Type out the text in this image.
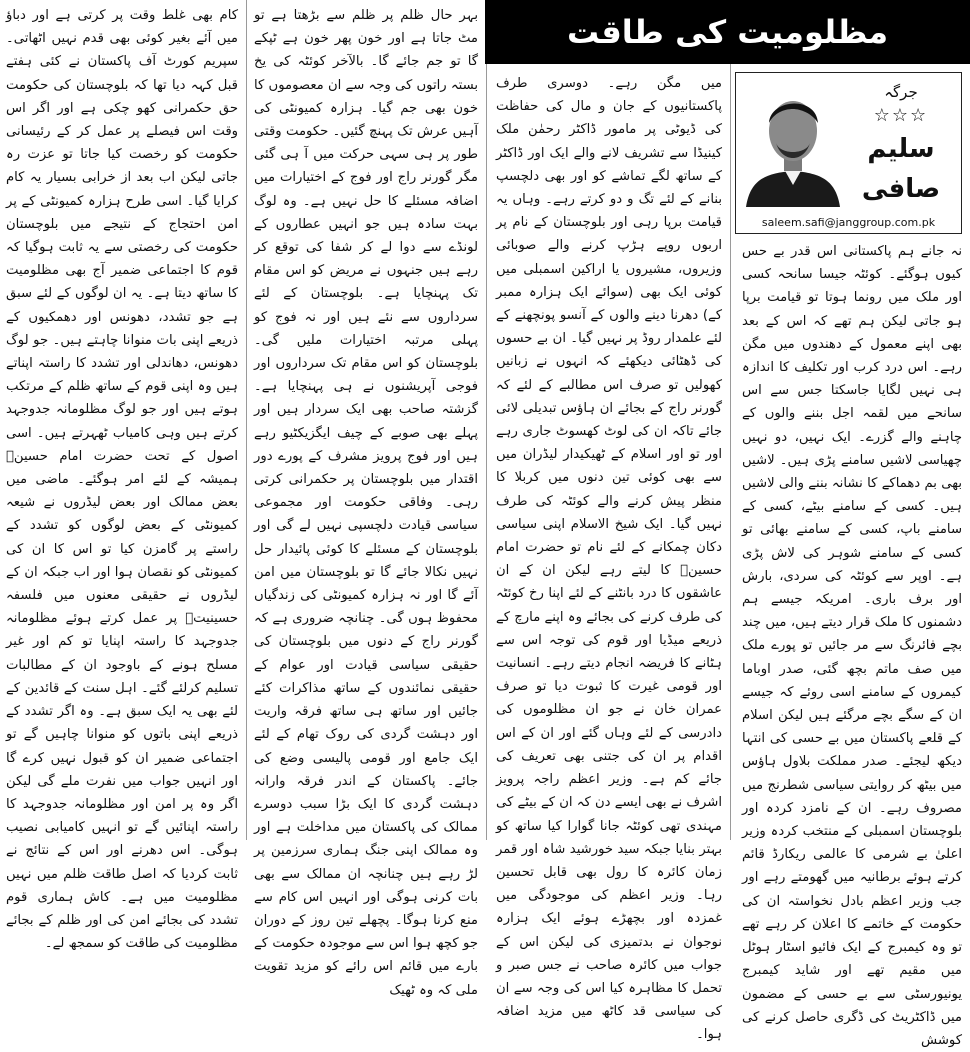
مظلومیت کی طاقت
جرگہ
☆☆☆
سلیم صافی
saleem.safi@janggroup.com.pk

نہ جانے ہم پاکستانی اس قدر بے حس کیوں ہوگئے۔ کوئٹہ جیسا سانحہ کسی اور ملک میں رونما ہوتا تو قیامت برپا ہو جاتی لیکن ہم تھے کہ اس کے بعد بھی اپنے معمول کے دھندوں میں مگن رہے۔ اس درد کرب اور تکلیف کا اندازہ ہی نہیں لگایا جاسکتا جس سے اس سانحے میں لقمہ اجل بننے والوں کے چاہنے والے گزرے۔ ایک نہیں، دو نہیں چھیاسی لاشیں سامنے پڑی ہیں۔ لاشیں بھی بم دھماکے کا نشانہ بننے والی لاشیں ہیں۔ کسی کے سامنے بیٹے، کسی کے سامنے باپ، کسی کے سامنے بھائی تو کسی کے سامنے شوہر کی لاش پڑی ہے۔ اوپر سے کوئٹہ کی سردی، بارش اور برف باری۔ امریکہ جیسے ہم دشمنوں کا ملک قرار دیتے ہیں، میں چند بچے فائرنگ سے مر جائیں تو پورے ملک میں صف ماتم بچھ گئی، صدر اوباما کیمروں کے سامنے اسی روئے کہ جیسے ان کے سگے بچے مرگئے ہیں لیکن اسلام کے قلعے پاکستان میں بے حسی کی انتہا دیکھ لیجئے۔ صدر مملکت بلاول ہاؤس میں بیٹھ کر روایتی سیاسی شطرنج میں مصروف رہے۔ ان کے نامزد کردہ اور بلوچستان اسمبلی کے منتخب کردہ وزیر اعلیٰ بے شرمی کا عالمی ریکارڈ قائم کرتے ہوئے برطانیہ میں گھومتے رہے اور جب وزیر اعظم بادل نخواستہ ان کی حکومت کے خاتمے کا اعلان کر رہے تھے تو وہ کیمبرج کے ایک فائیو اسٹار ہوٹل میں مقیم تھے اور شاید کیمبرج یونیورسٹی سے بے حسی کے مضمون میں ڈاکٹریٹ کی ڈگری حاصل کرنے کی کوشش

میں مگن رہے۔ دوسری طرف پاکستانیوں کے جان و مال کی حفاظت کی ڈیوٹی پر مامور ڈاکٹر رحمٰن ملک کینیڈا سے تشریف لانے والے ایک اور ڈاکٹر کے ساتھ لگے تماشے کو اور بھی دلچسپ بنانے کے لئے تگ و دو کرتے رہے۔ وہاں یہ قیامت برپا رہی اور بلوچستان کے نام پر اربوں روپے ہڑپ کرنے والے صوبائی وزیروں، مشیروں یا اراکین اسمبلی میں کوئی ایک بھی (سوائے ایک ہزارہ ممبر کے) دھرنا دینے والوں کے آنسو پونچھنے کے لئے علمدار روڈ پر نہیں گیا۔ ان بے حسوں کی ڈھٹائی دیکھئے کہ انہوں نے زبانیں کھولیں تو صرف اس مطالبے کے لئے کہ گورنر راج کے بجائے ان ہاؤس تبدیلی لائی جائے تاکہ ان کی لوٹ کھسوٹ جاری رہے اور تو اور اسلام کے ٹھیکیدار لیڈران میں سے بھی کوئی تین دنوں میں کربلا کا منظر پیش کرنے والے کوئٹہ کی طرف نہیں گیا۔ ایک شیخ الاسلام اپنی سیاسی دکان چمکانے کے لئے نام تو حضرت امام حسینؓ کا لیتے رہے لیکن ان کے ان عاشقوں کا درد بانٹنے کے لئے اپنا رخ کوئٹہ کی طرف کرنے کی بجائے وہ اپنے مارچ کے ذریعے میڈیا اور قوم کی توجہ اس سے ہٹانے کا فریضہ انجام دیتے رہے۔ انسانیت اور قومی غیرت کا ثبوت دیا تو صرف عمران خان نے جو ان مظلوموں کی دادرسی کے لئے وہاں گئے اور ان کے اس اقدام پر ان کی جتنی بھی تعریف کی جائے کم ہے۔ وزیر اعظم راجہ پرویز اشرف نے بھی ایسے دن کہ ان کے بیٹے کی مہندی تھی کوئٹہ جانا گوارا کیا ساتھ کو بہتر بنایا جبکہ سید خورشید شاہ اور قمر زمان کائرہ کا رول بھی قابل تحسین رہا۔ وزیر اعظم کی موجودگی میں غمزدہ اور بچھڑے ہوئے ایک ہزارہ نوجوان نے بدتمیزی کی لیکن اس کے جواب میں کائرہ صاحب نے جس صبر و تحمل کا مظاہرہ کیا اس کی وجہ سے ان کی سیاسی قد کاٹھ میں مزید اضافہ ہوا۔

بہر حال ظلم پر ظلم سے بڑھتا ہے تو مٹ جاتا ہے اور خون پھر خون ہے ٹپکے گا تو جم جائے گا۔ بالآخر کوئٹہ کی یخ بستہ راتوں کی وجہ سے ان معصوموں کا خون بھی جم گیا۔ ہزارہ کمیونٹی کی آہیں عرش تک پہنچ گئیں۔ حکومت وقتی طور پر ہی سہی حرکت میں آ ہی گئی مگر گورنر راج اور فوج کے اختیارات میں اضافہ مسئلے کا حل نہیں ہے۔ وہ لوگ بہت سادہ ہیں جو انہیں عطاروں کے لونڈے سے دوا لے کر شفا کی توقع کر رہے ہیں جنہوں نے مریض کو اس مقام تک پہنچایا ہے۔ بلوچستان کے لئے سرداروں سے نئے ہیں اور نہ فوج کو پہلی مرتبہ اختیارات ملیں گی۔ بلوچستان کو اس مقام تک سرداروں اور فوجی آپریشنوں نے ہی پہنچایا ہے۔ گزشتہ صاحب بھی ایک سردار ہیں اور پہلے بھی صوبے کے چیف ایگزیکٹیو رہے ہیں اور فوج پرویز مشرف کے پورے دور اقتدار میں بلوچستان پر حکمرانی کرتی رہی۔ وفاقی حکومت اور مجموعی سیاسی قیادت دلچسپی نہیں لے گی اور بلوچستان کے مسئلے کا کوئی پائیدار حل نہیں نکالا جائے گا تو بلوچستان میں امن آئے گا اور نہ ہزارہ کمیونٹی کی زندگیاں محفوظ ہوں گی۔ چنانچہ ضروری ہے کہ گورنر راج کے دنوں میں بلوچستان کی حقیقی سیاسی قیادت اور عوام کے حقیقی نمائندوں کے ساتھ مذاکرات کئے جائیں اور ساتھ ہی ساتھ فرقہ واریت اور دہشت گردی کی روک تھام کے لئے ایک جامع اور قومی پالیسی وضع کی جائے۔ پاکستان کے اندر فرقہ وارانہ دہشت گردی کا ایک بڑا سبب دوسرے ممالک کی پاکستان میں مداخلت ہے اور وہ ممالک اپنی جنگ ہماری سرزمین پر لڑ رہے ہیں چنانچہ ان ممالک سے بھی بات کرنی ہوگی اور انہیں اس کام سے منع کرنا ہوگا۔ پچھلے تین روز کے دوران جو کچھ ہوا اس سے موجودہ حکومت کے بارے میں قائم اس رائے کو مزید تقویت ملی کہ وہ ٹھیک

کام بھی غلط وقت پر کرتی ہے اور دباؤ میں آئے بغیر کوئی بھی قدم نہیں اٹھاتی۔ سپریم کورٹ آف پاکستان نے کئی ہفتے قبل کہہ دیا تھا کہ بلوچستان کی حکومت حق حکمرانی کھو چکی ہے اور اگر اس وقت اس فیصلے پر عمل کر کے رئیسانی حکومت کو رخصت کیا جاتا تو عزت رہ جاتی لیکن اب بعد از خرابی بسیار یہ کام کرایا گیا۔ اسی طرح ہزارہ کمیونٹی کے پر امن احتجاج کے نتیجے میں بلوچستان حکومت کی رخصتی سے یہ ثابت ہوگیا کہ قوم کا اجتماعی ضمیر آج بھی مظلومیت کا ساتھ دیتا ہے۔ یہ ان لوگوں کے لئے سبق ہے جو تشدد، دھونس اور دھمکیوں کے ذریعے اپنی بات منوانا چاہتے ہیں۔ جو لوگ دھونس، دھاندلی اور تشدد کا راستہ اپناتے ہیں وہ اپنی قوم کے ساتھ ظلم کے مرتکب ہوتے ہیں اور جو لوگ مظلومانہ جدوجہد کرتے ہیں وہی کامیاب ٹھہرتے ہیں۔ اسی اصول کے تحت حضرت امام حسینؓ ہمیشہ کے لئے امر ہوگئے۔ ماضی میں بعض ممالک اور بعض لیڈروں نے شیعہ کمیونٹی کے بعض لوگوں کو تشدد کے راستے پر گامزن کیا تو اس کا ان کی کمیونٹی کو نقصان ہوا اور اب جبکہ ان کے لیڈروں نے حقیقی معنوں میں فلسفہ حسینیتؓ پر عمل کرتے ہوئے مظلومانہ جدوجہد کا راستہ اپنایا تو کم اور غیر مسلح ہونے کے باوجود ان کے مطالبات تسلیم کرلئے گئے۔ اہل سنت کے قائدین کے لئے بھی یہ ایک سبق ہے۔ وہ اگر تشدد کے ذریعے اپنی باتوں کو منوانا چاہیں گے تو اجتماعی ضمیر ان کو قبول نہیں کرے گا اور انہیں جواب میں نفرت ملے گی لیکن اگر وہ پر امن اور مظلومانہ جدوجہد کا راستہ اپنائیں گے تو انہیں کامیابی نصیب ہوگی۔ اس دھرنے اور اس کے نتائج نے ثابت کردیا کہ اصل طاقت ظلم میں نہیں مظلومیت میں ہے۔ کاش ہماری قوم تشدد کی بجائے امن کی اور ظلم کے بجائے مظلومیت کی طاقت کو سمجھ لے۔
